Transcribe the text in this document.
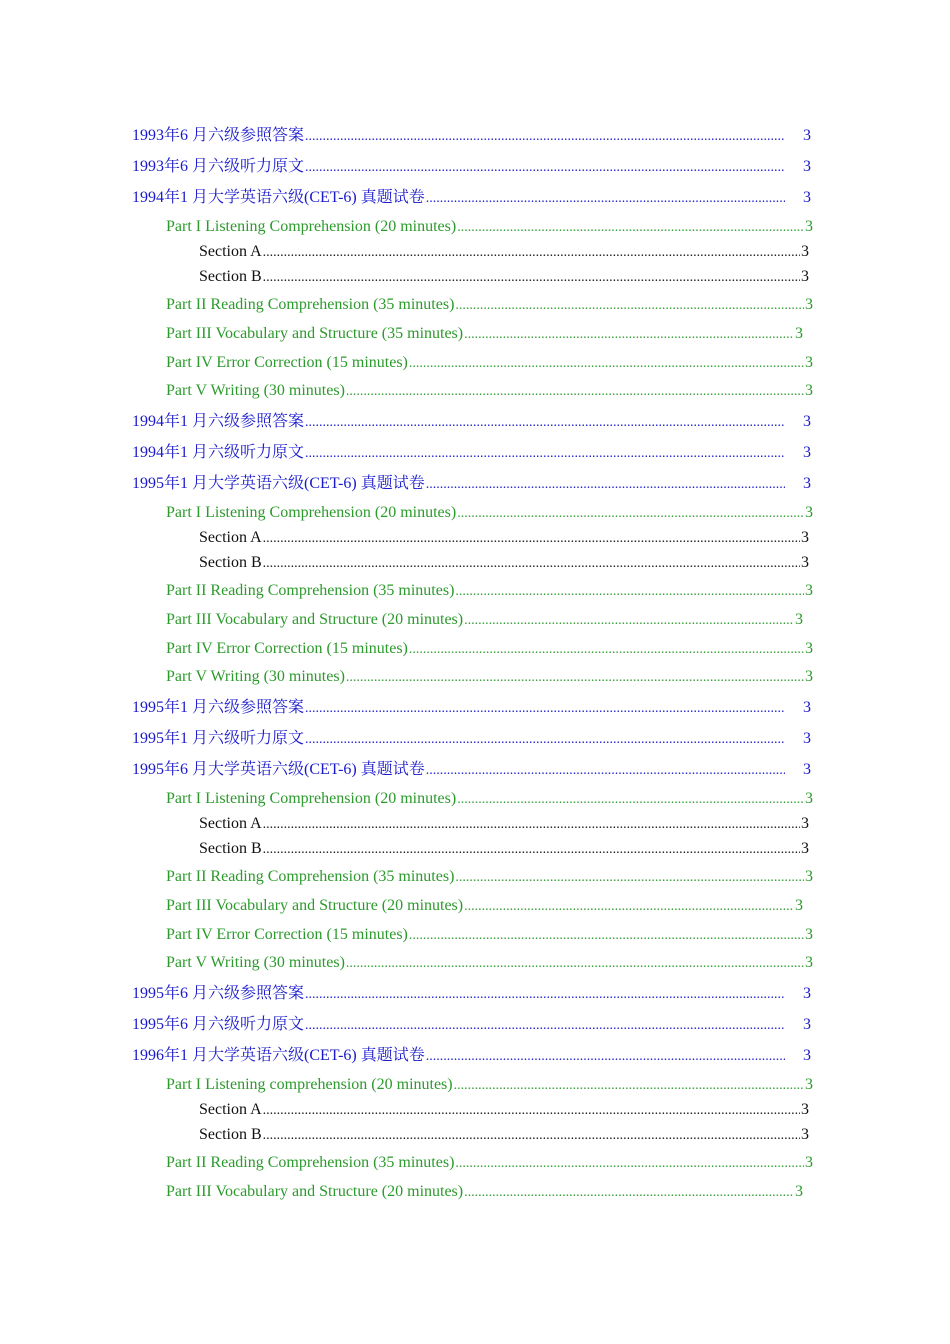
1993年6 月六级参照答案 .....	3
1993年6 月六级听力原文 .....	3
1994年1 月大学英语六级(CET-6) 真题试卷 .....	3
Part I Listening Comprehension (20 minutes) .....	3
Section A .....	3
Section B .....	3
Part II Reading Comprehension (35 minutes) .....	3
Part III Vocabulary and Structure (35 minutes) .....	3
Part IV Error Correction (15 minutes) .....	3
Part V Writing (30 minutes) .....	3
1994年1 月六级参照答案 .....	3
1994年1 月六级听力原文 .....	3
1995年1 月大学英语六级(CET-6) 真题试卷 .....	3
Part I Listening Comprehension (20 minutes) .....	3
Section A .....	3
Section B .....	3
Part II Reading Comprehension (35 minutes) .....	3
Part III Vocabulary and Structure (20 minutes) .....	3
Part IV Error Correction (15 minutes) .....	3
Part V Writing (30 minutes) .....	3
1995年1 月六级参照答案 .....	3
1995年1 月六级听力原文 .....	3
1995年6 月大学英语六级(CET-6) 真题试卷 .....	3
Part I Listening Comprehension (20 minutes) .....	3
Section A .....	3
Section B .....	3
Part II Reading Comprehension (35 minutes) .....	3
Part III Vocabulary and Structure (20 minutes) .....	3
Part IV Error Correction (15 minutes) .....	3
Part V Writing (30 minutes) .....	3
1995年6 月六级参照答案 .....	3
1995年6 月六级听力原文 .....	3
1996年1 月大学英语六级(CET-6) 真题试卷 .....	3
Part I Listening comprehension (20 minutes) .....	3
Section A .....	3
Section B .....	3
Part II Reading Comprehension (35 minutes) .....	3
Part III Vocabulary and Structure (20 minutes) .....	3
